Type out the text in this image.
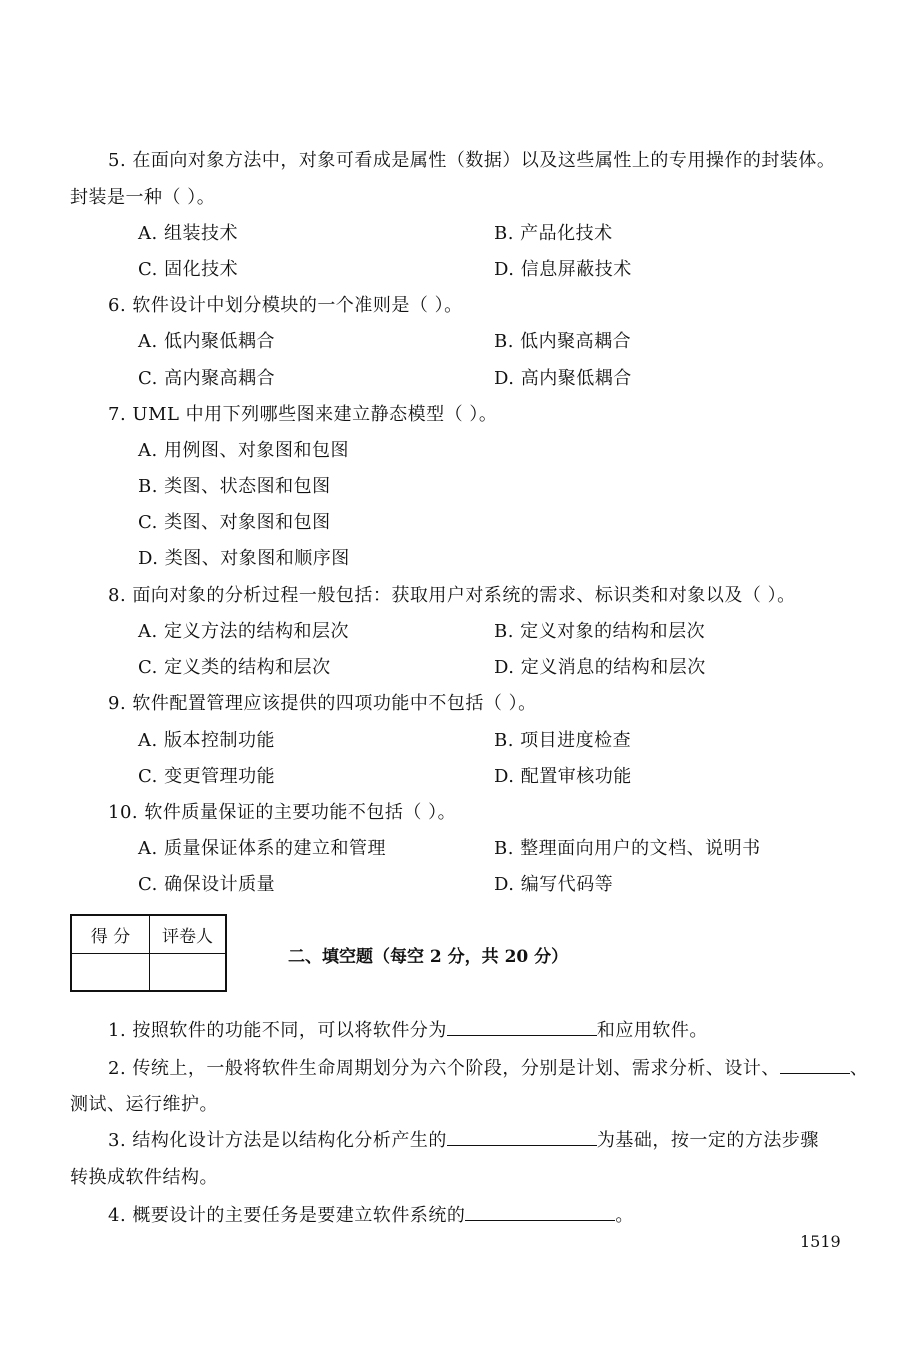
5. 在面向对象方法中，对象可看成是属性（数据）以及这些属性上的专用操作的封装体。
封装是一种（ ）。
A. 组装技术	B. 产品化技术
C. 固化技术	D. 信息屏蔽技术
6. 软件设计中划分模块的一个准则是（ ）。
A. 低内聚低耦合	B. 低内聚高耦合
C. 高内聚高耦合	D. 高内聚低耦合
7. UML 中用下列哪些图来建立静态模型（ ）。
A. 用例图、对象图和包图
B. 类图、状态图和包图
C. 类图、对象图和包图
D. 类图、对象图和顺序图
8. 面向对象的分析过程一般包括：获取用户对系统的需求、标识类和对象以及（ ）。
A. 定义方法的结构和层次	B. 定义对象的结构和层次
C. 定义类的结构和层次	D. 定义消息的结构和层次
9. 软件配置管理应该提供的四项功能中不包括（ ）。
A. 版本控制功能	B. 项目进度检查
C. 变更管理功能	D. 配置审核功能
10. 软件质量保证的主要功能不包括（ ）。
A. 质量保证体系的建立和管理	B. 整理面向用户的文档、说明书
C. 确保设计质量	D. 编写代码等
得 分	评卷人
二、填空题（每空 2 分，共 20 分）
1. 按照软件的功能不同，可以将软件分为	和应用软件。
2. 传统上，一般将软件生命周期划分为六个阶段，分别是计划、需求分析、设计、	、
测试、运行维护。
3. 结构化设计方法是以结构化分析产生的	为基础，按一定的方法步骤
转换成软件结构。
4. 概要设计的主要任务是要建立软件系统的	。
1519
